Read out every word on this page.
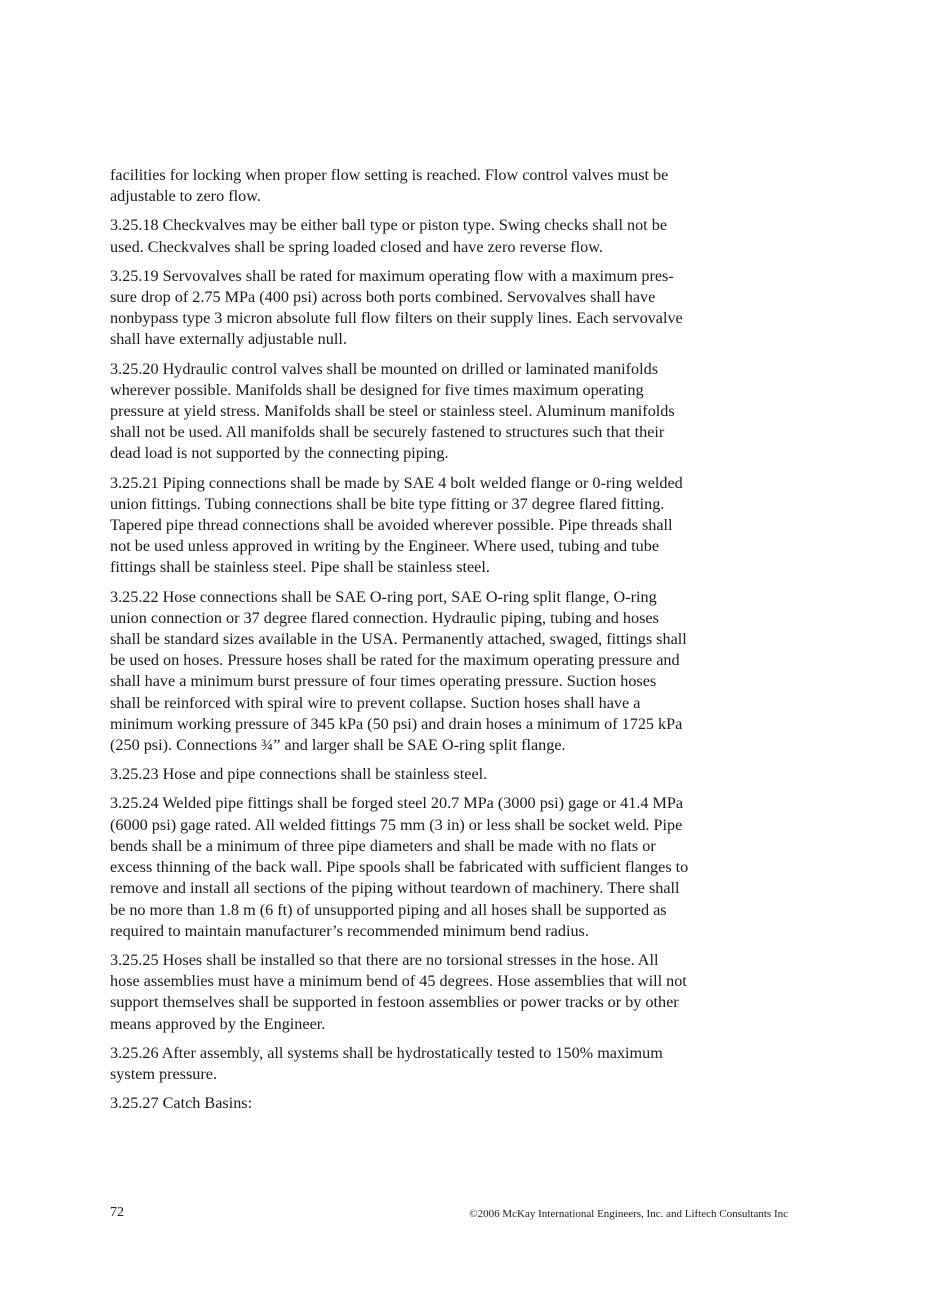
facilities for locking when proper flow setting is reached. Flow control valves must be
adjustable to zero flow.

3.25.18 Checkvalves may be either ball type or piston type. Swing checks shall not be
used. Checkvalves shall be spring loaded closed and have zero reverse flow.

3.25.19 Servovalves shall be rated for maximum operating flow with a maximum pres-
sure drop of 2.75 MPa (400 psi) across both ports combined. Servovalves shall have
nonbypass type 3 micron absolute full flow filters on their supply lines. Each servovalve
shall have externally adjustable null.

3.25.20 Hydraulic control valves shall be mounted on drilled or laminated manifolds
wherever possible. Manifolds shall be designed for five times maximum operating
pressure at yield stress. Manifolds shall be steel or stainless steel. Aluminum manifolds
shall not be used. All manifolds shall be securely fastened to structures such that their
dead load is not supported by the connecting piping.

3.25.21 Piping connections shall be made by SAE 4 bolt welded flange or 0-ring welded
union fittings. Tubing connections shall be bite type fitting or 37 degree flared fitting.
Tapered pipe thread connections shall be avoided wherever possible. Pipe threads shall
not be used unless approved in writing by the Engineer. Where used, tubing and tube
fittings shall be stainless steel. Pipe shall be stainless steel.

3.25.22 Hose connections shall be SAE O-ring port, SAE O-ring split flange, O-ring
union connection or 37 degree flared connection. Hydraulic piping, tubing and hoses
shall be standard sizes available in the USA. Permanently attached, swaged, fittings shall
be used on hoses. Pressure hoses shall be rated for the maximum operating pressure and
shall have a minimum burst pressure of four times operating pressure. Suction hoses
shall be reinforced with spiral wire to prevent collapse. Suction hoses shall have a
minimum working pressure of 345 kPa (50 psi) and drain hoses a minimum of 1725 kPa
(250 psi). Connections ¾” and larger shall be SAE O-ring split flange.

3.25.23 Hose and pipe connections shall be stainless steel.

3.25.24 Welded pipe fittings shall be forged steel 20.7 MPa (3000 psi) gage or 41.4 MPa
(6000 psi) gage rated. All welded fittings 75 mm (3 in) or less shall be socket weld. Pipe
bends shall be a minimum of three pipe diameters and shall be made with no flats or
excess thinning of the back wall. Pipe spools shall be fabricated with sufficient flanges to
remove and install all sections of the piping without teardown of machinery. There shall
be no more than 1.8 m (6 ft) of unsupported piping and all hoses shall be supported as
required to maintain manufacturer’s recommended minimum bend radius.

3.25.25 Hoses shall be installed so that there are no torsional stresses in the hose. All
hose assemblies must have a minimum bend of 45 degrees. Hose assemblies that will not
support themselves shall be supported in festoon assemblies or power tracks or by other
means approved by the Engineer.

3.25.26 After assembly, all systems shall be hydrostatically tested to 150% maximum
system pressure.

3.25.27 Catch Basins:

72	©2006 McKay International Engineers, Inc. and Liftech Consultants Inc
